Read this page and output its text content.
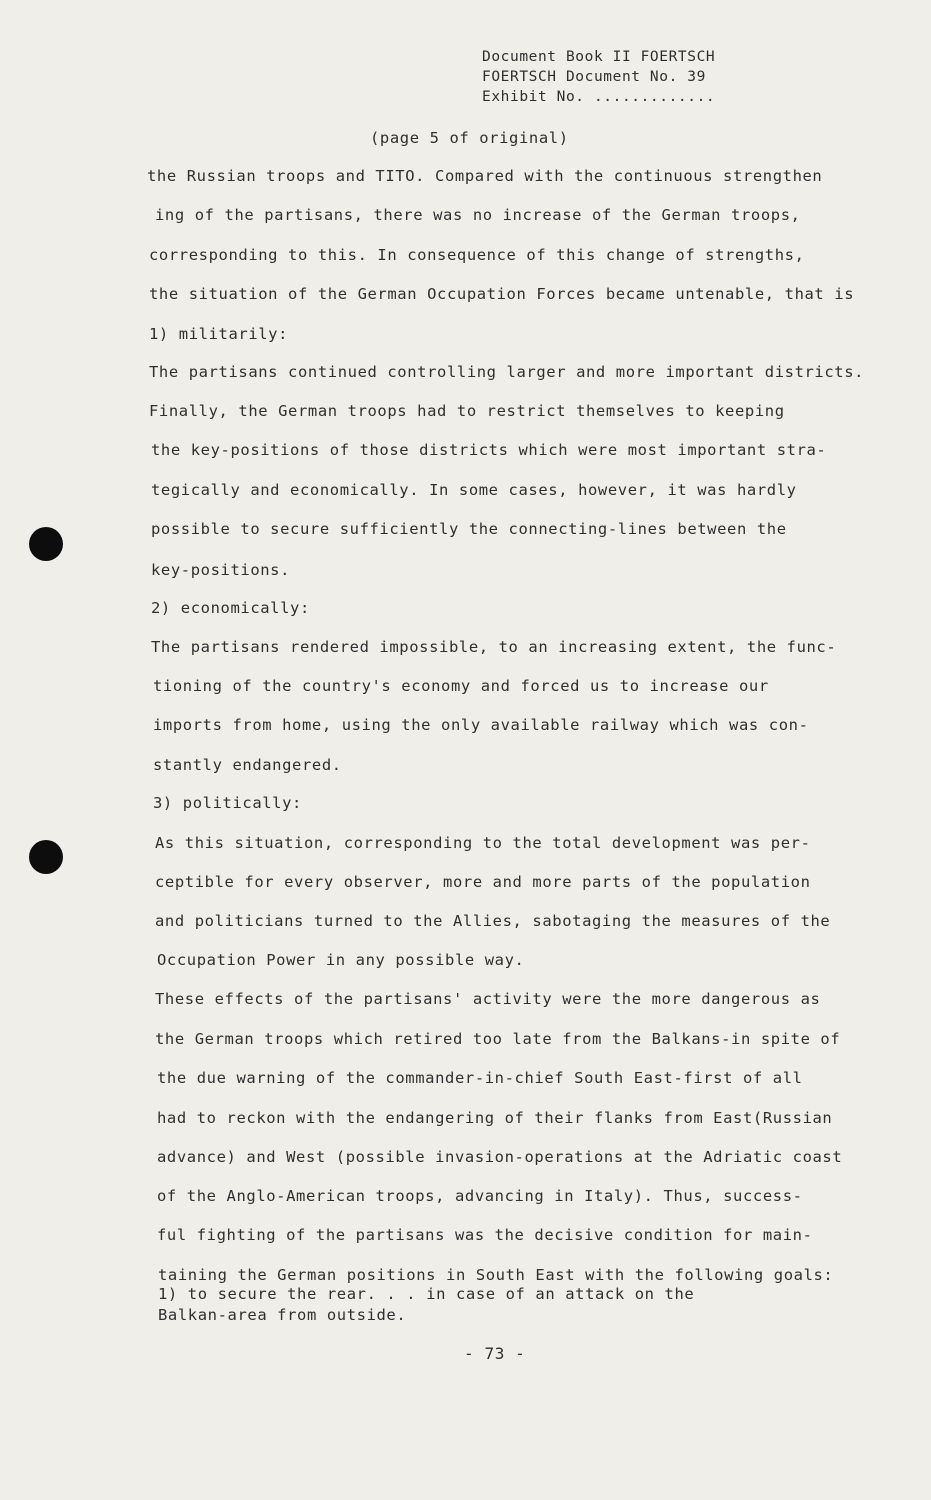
Document Book II FOERTSCH
FOERTSCH Document No. 39
Exhibit No. .............
(page 5 of original)
the Russian troops and TITO. Compared with the continuous strengthen
ing of the partisans, there was no increase of the German troops,
corresponding to this. In consequence of this change of strengths,
the situation of the German Occupation Forces became untenable, that is
1) militarily:
The partisans continued controlling larger and more important districts.
Finally, the German troops had to restrict themselves to keeping
the key-positions of those districts which were most important stra-
tegically and economically. In some cases, however, it was hardly
possible to secure sufficiently the connecting-lines between the
key-positions.
2) economically:
The partisans rendered impossible, to an increasing extent, the func-
tioning of the country's economy and forced us to increase our
imports from home, using the only available railway which was con-
stantly endangered.
3) politically:
As this situation, corresponding to the total development was per-
ceptible for every observer, more and more parts of the population
and politicians turned to the Allies, sabotaging the measures of the
Occupation Power in any possible way.
These effects of the partisans' activity were the more dangerous as
the German troops which retired too late from the Balkans-in spite of
the due warning of the commander-in-chief South East-first of all
had to reckon with the endangering of their flanks from East(Russian
advance) and West (possible invasion-operations at the Adriatic coast
of the Anglo-American troops, advancing in Italy). Thus, success-
ful fighting of the partisans was the decisive condition for main-
taining the German positions in South East with the following goals:
1) to secure the rear. . . in case of an attack on the
Balkan-area from outside.
- 73 -
